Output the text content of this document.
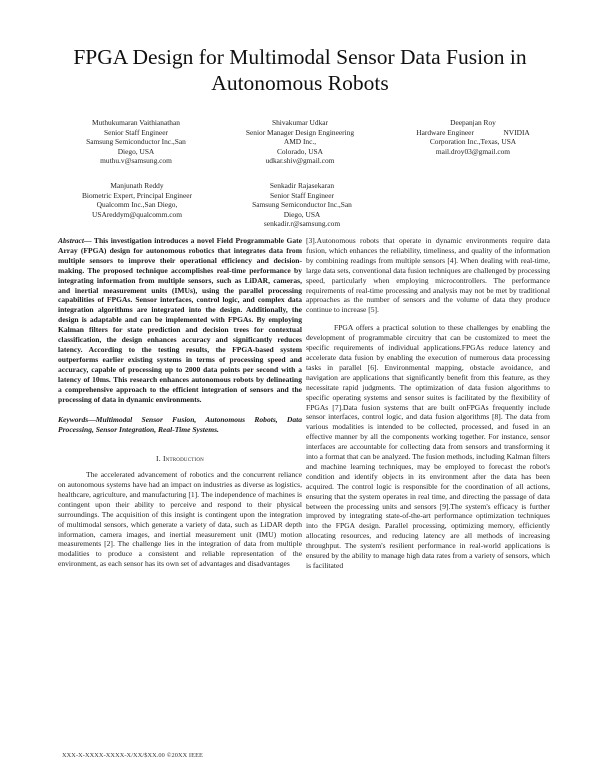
FPGA Design for Multimodal Sensor Data Fusion in Autonomous Robots
Muthukumaran Vaithianathan
Senior Staff Engineer
Samsung Semiconductor Inc.,San
Diego, USA
muthu.v@samsung.com
Shivakumar Udkar
Senior Manager Design Engineering
AMD Inc.,
Colorado, USA
udkar.shiv@gmail.com
Deepanjan Roy
Hardware Engineer                NVIDIA
Corporation Inc.,Texas, USA
mail.droy03@gmail.com
Manjunath Reddy
Biometric Expert, Principal Engineer
Qualcomm Inc.,San Diego,
USAreddym@qualcomm.com
Senkadir Rajasekaran
Senior Staff Engineer
Samsung Semiconductor Inc.,San
Diego, USA
senkadir.r@samsung.com

Abstract— This investigation introduces a novel Field Programmable Gate Array (FPGA) design for autonomous robotics that integrates data from multiple sensors to improve their operational efficiency and decision-making. The proposed technique accomplishes real-time performance by integrating information from multiple sensors, such as LiDAR, cameras, and inertial measurement units (IMUs), using the parallel processing capabilities of FPGAs. Sensor interfaces, control logic, and complex data integration algorithms are integrated into the design. Additionally, the design is adaptable and can be implemented with FPGAs. By employing Kalman filters for state prediction and decision trees for contextual classification, the design enhances accuracy and significantly reduces latency. According to the testing results, the FPGA-based system outperforms earlier existing systems in terms of processing speed and accuracy, capable of processing up to 2000 data points per second with a latency of 10ms. This research enhances autonomous robots by delineating a comprehensive approach to the efficient integration of sensors and the processing of data in dynamic environments.

Keywords—Multimodal Sensor Fusion, Autonomous Robots, Data Processing, Sensor Integration, Real-Time Systems.

I. Introduction

The accelerated advancement of robotics and the concurrent reliance on autonomous systems have had an impact on industries as diverse as logistics, healthcare, agriculture, and manufacturing [1]. The independence of machines is contingent upon their ability to perceive and respond to their physical surroundings. The acquisition of this insight is contingent upon the integration of multimodal sensors, which generate a variety of data, such as LiDAR depth information, camera images, and inertial measurement unit (IMU) motion measurements [2]. The challenge lies in the integration of data from multiple modalities to produce a consistent and reliable representation of the environment, as each sensor has its own set of advantages and disadvantages

[3].Autonomous robots that operate in dynamic environments require data fusion, which enhances the reliability, timeliness, and quality of the information by combining readings from multiple sensors [4]. When dealing with real-time, large data sets, conventional data fusion techniques are challenged by processing speed, particularly when employing microcontrollers. The performance requirements of real-time processing and analysis may not be met by traditional approaches as the number of sensors and the volume of data they produce continue to increase [5].

FPGA offers a practical solution to these challenges by enabling the development of programmable circuitry that can be customized to meet the specific requirements of individual applications.FPGAs reduce latency and accelerate data fusion by enabling the execution of numerous data processing tasks in parallel [6]. Environmental mapping, obstacle avoidance, and navigation are applications that significantly benefit from this feature, as they necessitate rapid judgments. The optimization of data fusion algorithms to specific operating systems and sensor suites is facilitated by the flexibility of FPGAs [7].Data fusion systems that are built onFPGAs frequently include sensor interfaces, control logic, and data fusion algorithms [8]. The data from various modalities is intended to be collected, processed, and fused in an effective manner by all the components working together. For instance, sensor interfaces are accountable for collecting data from sensors and transforming it into a format that can be analyzed. The fusion methods, including Kalman filters and machine learning techniques, may be employed to forecast the robot's condition and identify objects in its environment after the data has been acquired. The control logic is responsible for the coordination of all actions, ensuring that the system operates in real time, and directing the passage of data between the processing units and sensors [9].The system's efficacy is further improved by integrating state-of-the-art performance optimization techniques into the FPGA design. Parallel processing, optimizing memory, efficiently allocating resources, and reducing latency are all methods of increasing throughput. The system's resilient performance in real-world applications is ensured by the ability to manage high data rates from a variety of sensors, which is facilitated

XXX-X-XXXX-XXXX-X/XX/$XX.00 ©20XX IEEE
